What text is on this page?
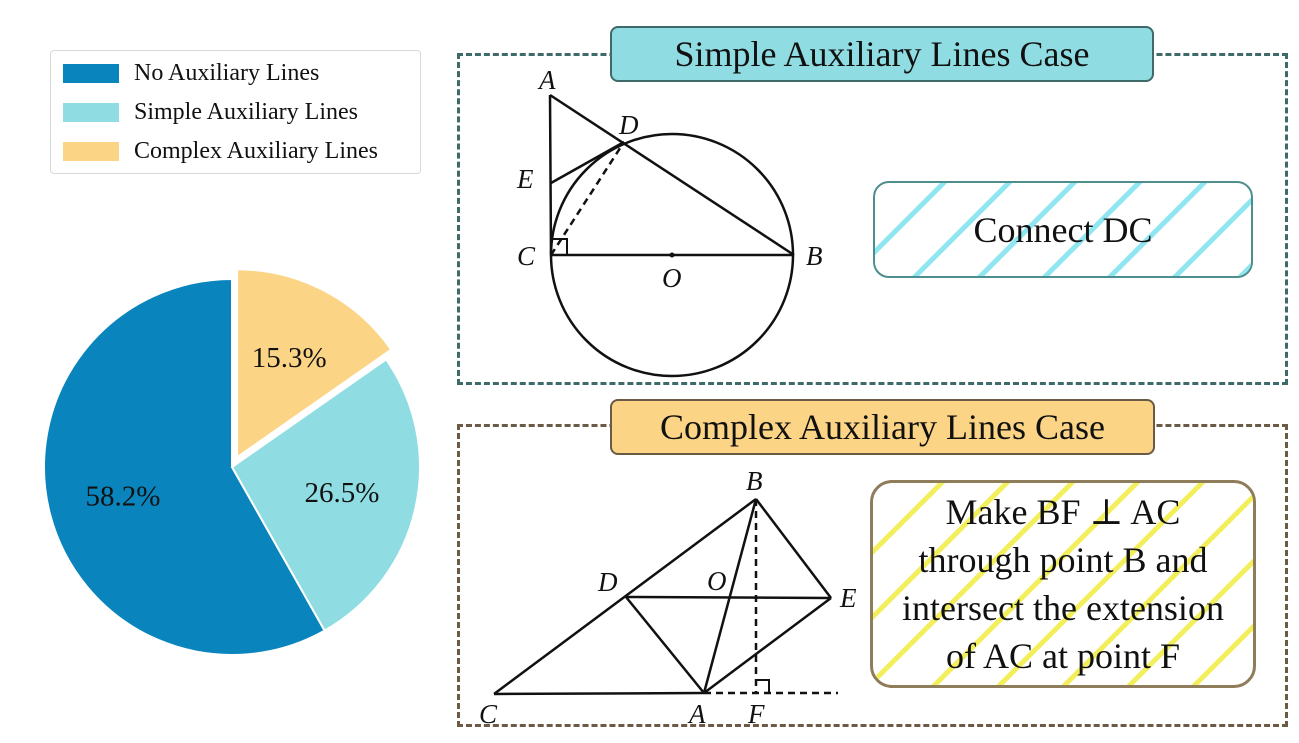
No Auxiliary Lines
Simple Auxiliary Lines
Complex Auxiliary Lines
58.2%	26.5%
15.3%
Simple Auxiliary Lines Case
A
D
E
C
O
B
Connect DC
Complex Auxiliary Lines Case
B
D	O
E
C	A F
Make BF ⊥ AC
through point B and
intersect the extension
of AC at point F
